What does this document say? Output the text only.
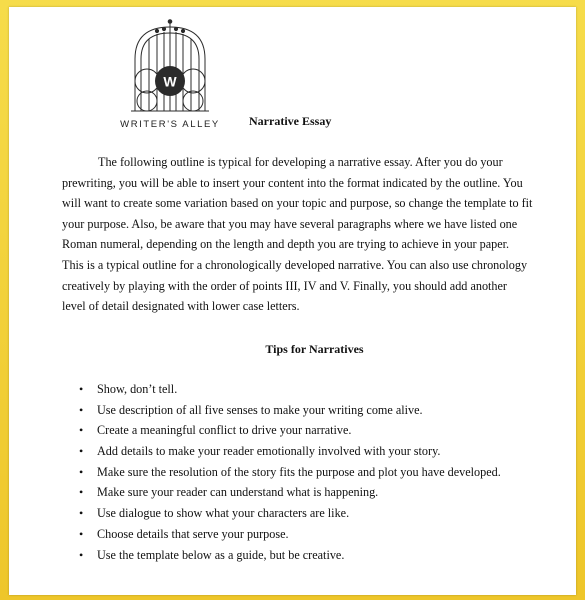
W
WRITER'S ALLEY	Narrative Essay

The following outline is typical for developing a narrative essay. After you do your
prewriting, you will be able to insert your content into the format indicated by the outline. You
will want to create some variation based on your topic and purpose, so change the template to fit
your purpose. Also, be aware that you may have several paragraphs where we have listed one
Roman numeral, depending on the length and depth you are trying to achieve in your paper.
This is a typical outline for a chronologically developed narrative. You can also use chronology
creatively by playing with the order of points III, IV and V. Finally, you should add another
level of detail designated with lower case letters.

Tips for Narratives
• Show, don’t tell.
• Use description of all five senses to make your writing come alive.
• Create a meaningful conflict to drive your narrative.
• Add details to make your reader emotionally involved with your story.
• Make sure the resolution of the story fits the purpose and plot you have developed.
• Make sure your reader can understand what is happening.
• Use dialogue to show what your characters are like.
• Choose details that serve your purpose.
• Use the template below as a guide, but be creative.
